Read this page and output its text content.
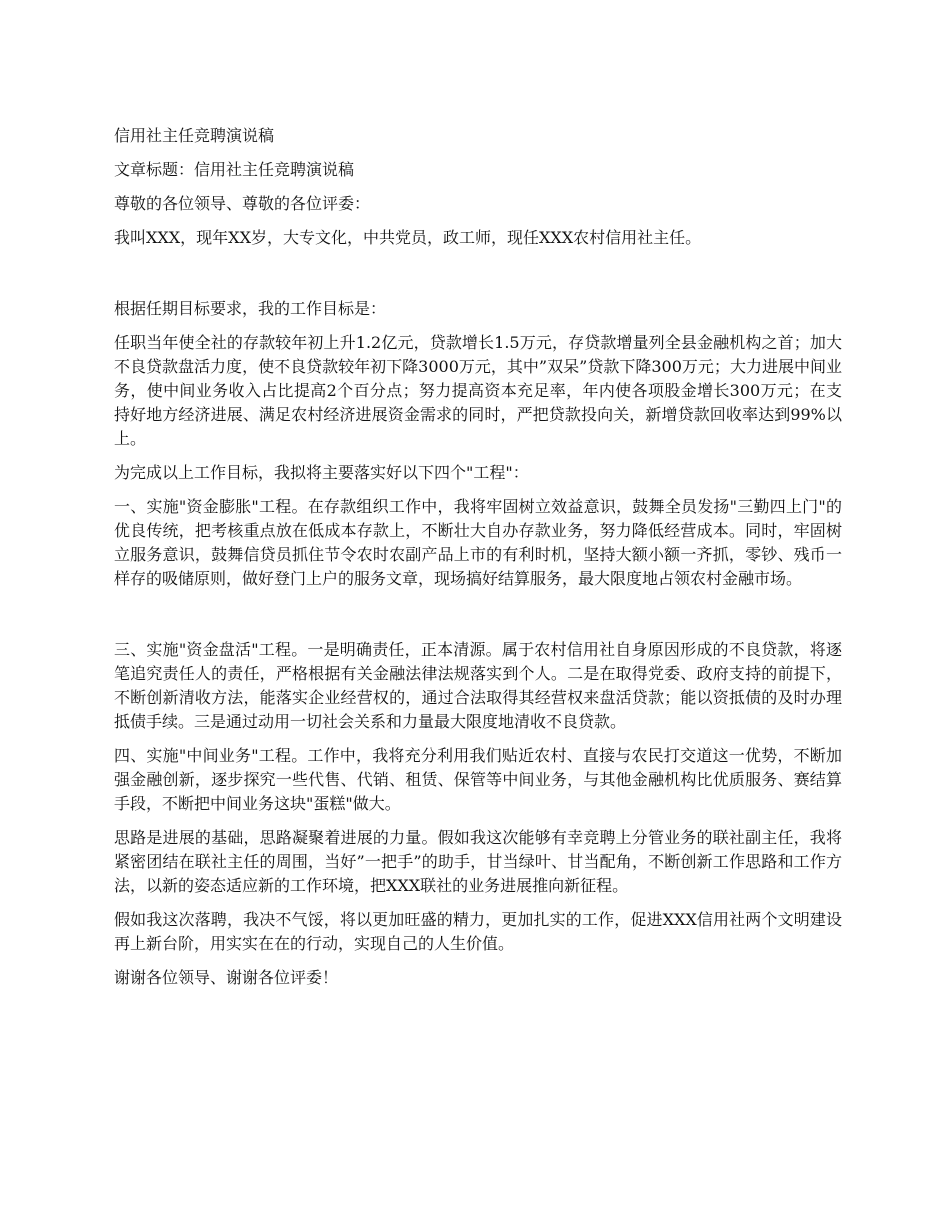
信用社主任竞聘演说稿

文章标题：信用社主任竞聘演说稿

尊敬的各位领导、尊敬的各位评委：

我叫XXX，现年XX岁，大专文化，中共党员，政工师，现任XXX农村信用社主任。

根据任期目标要求，我的工作目标是：

任职当年使全社的存款较年初上升1.2亿元，贷款增长1.5万元，存贷款增量列全县金融机构之首；加大不良贷款盘活力度，使不良贷款较年初下降3000万元，其中”双呆”贷款下降300万元；大力进展中间业务，使中间业务收入占比提高2个百分点；努力提高资本充足率，年内使各项股金增长300万元；在支持好地方经济进展、满足农村经济进展资金需求的同时，严把贷款投向关，新增贷款回收率达到99%以上。

为完成以上工作目标，我拟将主要落实好以下四个"工程"：

一、实施"资金膨胀"工程。在存款组织工作中，我将牢固树立效益意识，鼓舞全员发扬"三勤四上门"的优良传统，把考核重点放在低成本存款上，不断壮大自办存款业务，努力降低经营成本。同时，牢固树立服务意识，鼓舞信贷员抓住节令农时农副产品上市的有利时机，坚持大额小额一齐抓，零钞、残币一样存的吸储原则，做好登门上户的服务文章，现场搞好结算服务，最大限度地占领农村金融市场。

三、实施"资金盘活"工程。一是明确责任，正本清源。属于农村信用社自身原因形成的不良贷款，将逐笔追究责任人的责任，严格根据有关金融法律法规落实到个人。二是在取得党委、政府支持的前提下，不断创新清收方法，能落实企业经营权的，通过合法取得其经营权来盘活贷款；能以资抵债的及时办理抵债手续。三是通过动用一切社会关系和力量最大限度地清收不良贷款。

四、实施"中间业务"工程。工作中，我将充分利用我们贴近农村、直接与农民打交道这一优势，不断加强金融创新，逐步探究一些代售、代销、租赁、保管等中间业务，与其他金融机构比优质服务、赛结算手段，不断把中间业务这块"蛋糕"做大。

思路是进展的基础，思路凝聚着进展的力量。假如我这次能够有幸竞聘上分管业务的联社副主任，我将紧密团结在联社主任的周围，当好”一把手”的助手，甘当绿叶、甘当配角，不断创新工作思路和工作方法，以新的姿态适应新的工作环境，把XXX联社的业务进展推向新征程。

假如我这次落聘，我决不气馁，将以更加旺盛的精力，更加扎实的工作，促进XXX信用社两个文明建设再上新台阶，用实实在在的行动，实现自己的人生价值。

谢谢各位领导、谢谢各位评委！
